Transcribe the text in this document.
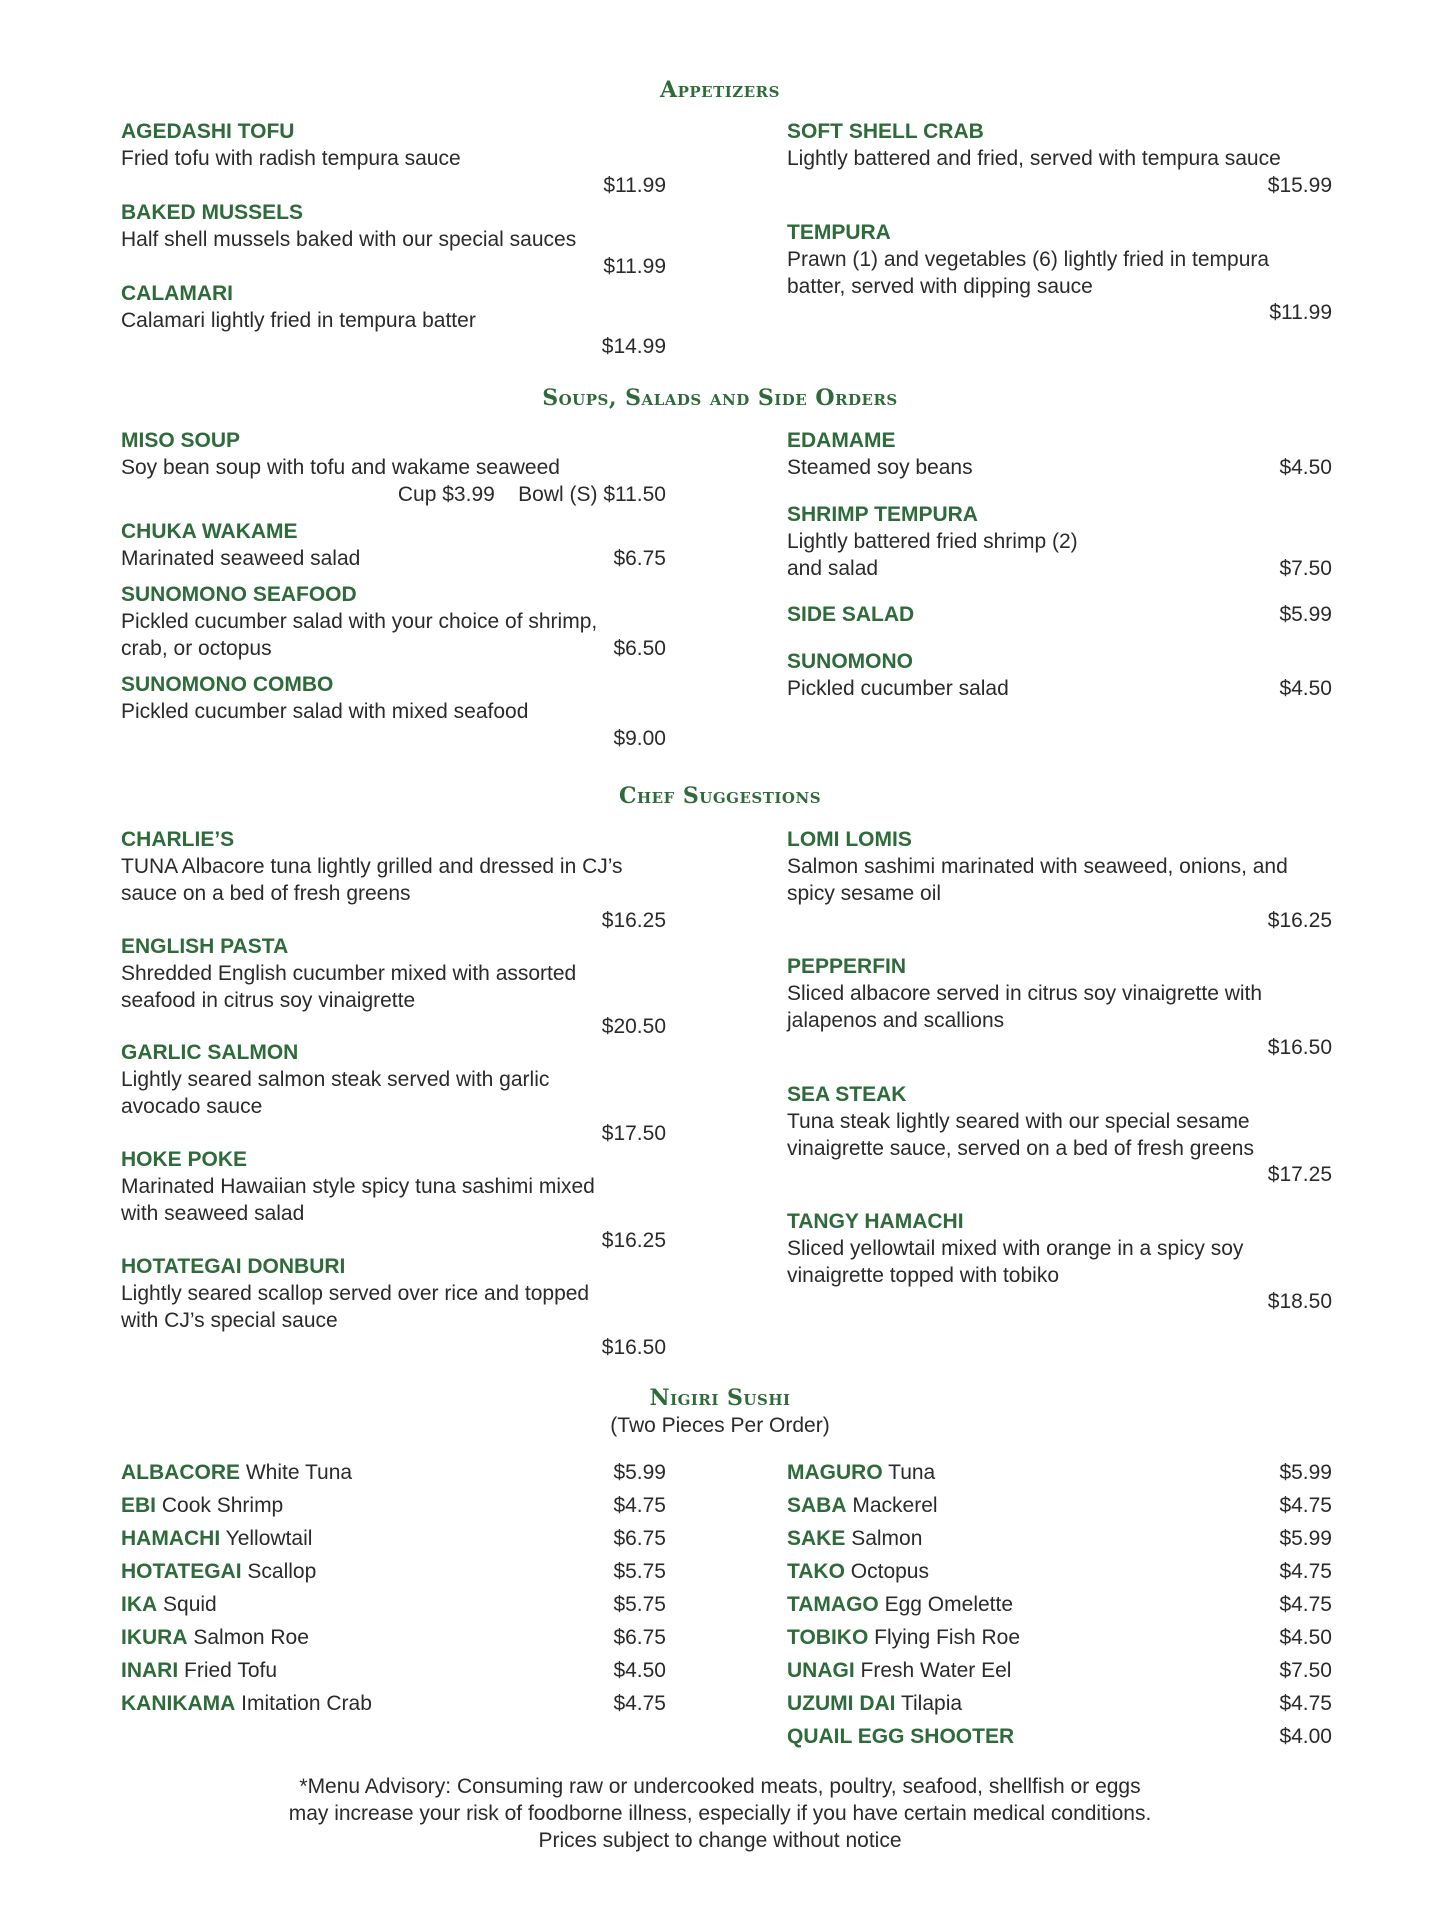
Appetizers
AGEDASHI TOFU
Fried tofu with radish tempura sauce
$11.99
BAKED MUSSELS
Half shell mussels baked with our special sauces
$11.99
CALAMARI
Calamari lightly fried in tempura batter
$14.99
SOFT SHELL CRAB
Lightly battered and fried, served with tempura sauce
$15.99
TEMPURA
Prawn (1) and vegetables (6) lightly fried in tempura
batter, served with dipping sauce
$11.99
Soups, Salads and Side Orders
MISO SOUP
Soy bean soup with tofu and wakame seaweed
Cup $3.99    Bowl (S) $11.50
CHUKA WAKAME
Marinated seaweed salad	$6.75
SUNOMONO SEAFOOD
Pickled cucumber salad with your choice of shrimp,
crab, or octopus	$6.50
SUNOMONO COMBO
Pickled cucumber salad with mixed seafood
$9.00
EDAMAME
Steamed soy beans	$4.50
SHRIMP TEMPURA
Lightly battered fried shrimp (2)
and salad	$7.50
SIDE SALAD	$5.99
SUNOMONO
Pickled cucumber salad	$4.50
Chef Suggestions
CHARLIE’S
TUNA Albacore tuna lightly grilled and dressed in CJ’s
sauce on a bed of fresh greens
$16.25
ENGLISH PASTA
Shredded English cucumber mixed with assorted
seafood in citrus soy vinaigrette
$20.50
GARLIC SALMON
Lightly seared salmon steak served with garlic
avocado sauce
$17.50
HOKE POKE
Marinated Hawaiian style spicy tuna sashimi mixed
with seaweed salad
$16.25
HOTATEGAI DONBURI
Lightly seared scallop served over rice and topped
with CJ’s special sauce
$16.50
LOMI LOMIS
Salmon sashimi marinated with seaweed, onions, and
spicy sesame oil
$16.25
PEPPERFIN
Sliced albacore served in citrus soy vinaigrette with
jalapenos and scallions
$16.50
SEA STEAK
Tuna steak lightly seared with our special sesame
vinaigrette sauce, served on a bed of fresh greens
$17.25
TANGY HAMACHI
Sliced yellowtail mixed with orange in a spicy soy
vinaigrette topped with tobiko
$18.50
Nigiri Sushi
(Two Pieces Per Order)
ALBACORE White Tuna	$5.99
EBI Cook Shrimp	$4.75
HAMACHI Yellowtail	$6.75
HOTATEGAI Scallop	$5.75
IKA Squid	$5.75
IKURA Salmon Roe	$6.75
INARI Fried Tofu	$4.50
KANIKAMA Imitation Crab	$4.75
MAGURO Tuna	$5.99
SABA Mackerel	$4.75
SAKE Salmon	$5.99
TAKO Octopus	$4.75
TAMAGO Egg Omelette	$4.75
TOBIKO Flying Fish Roe	$4.50
UNAGI Fresh Water Eel	$7.50
UZUMI DAI Tilapia	$4.75
QUAIL EGG SHOOTER	$4.00
*Menu Advisory: Consuming raw or undercooked meats, poultry, seafood, shellfish or eggs
may increase your risk of foodborne illness, especially if you have certain medical conditions.
Prices subject to change without notice
